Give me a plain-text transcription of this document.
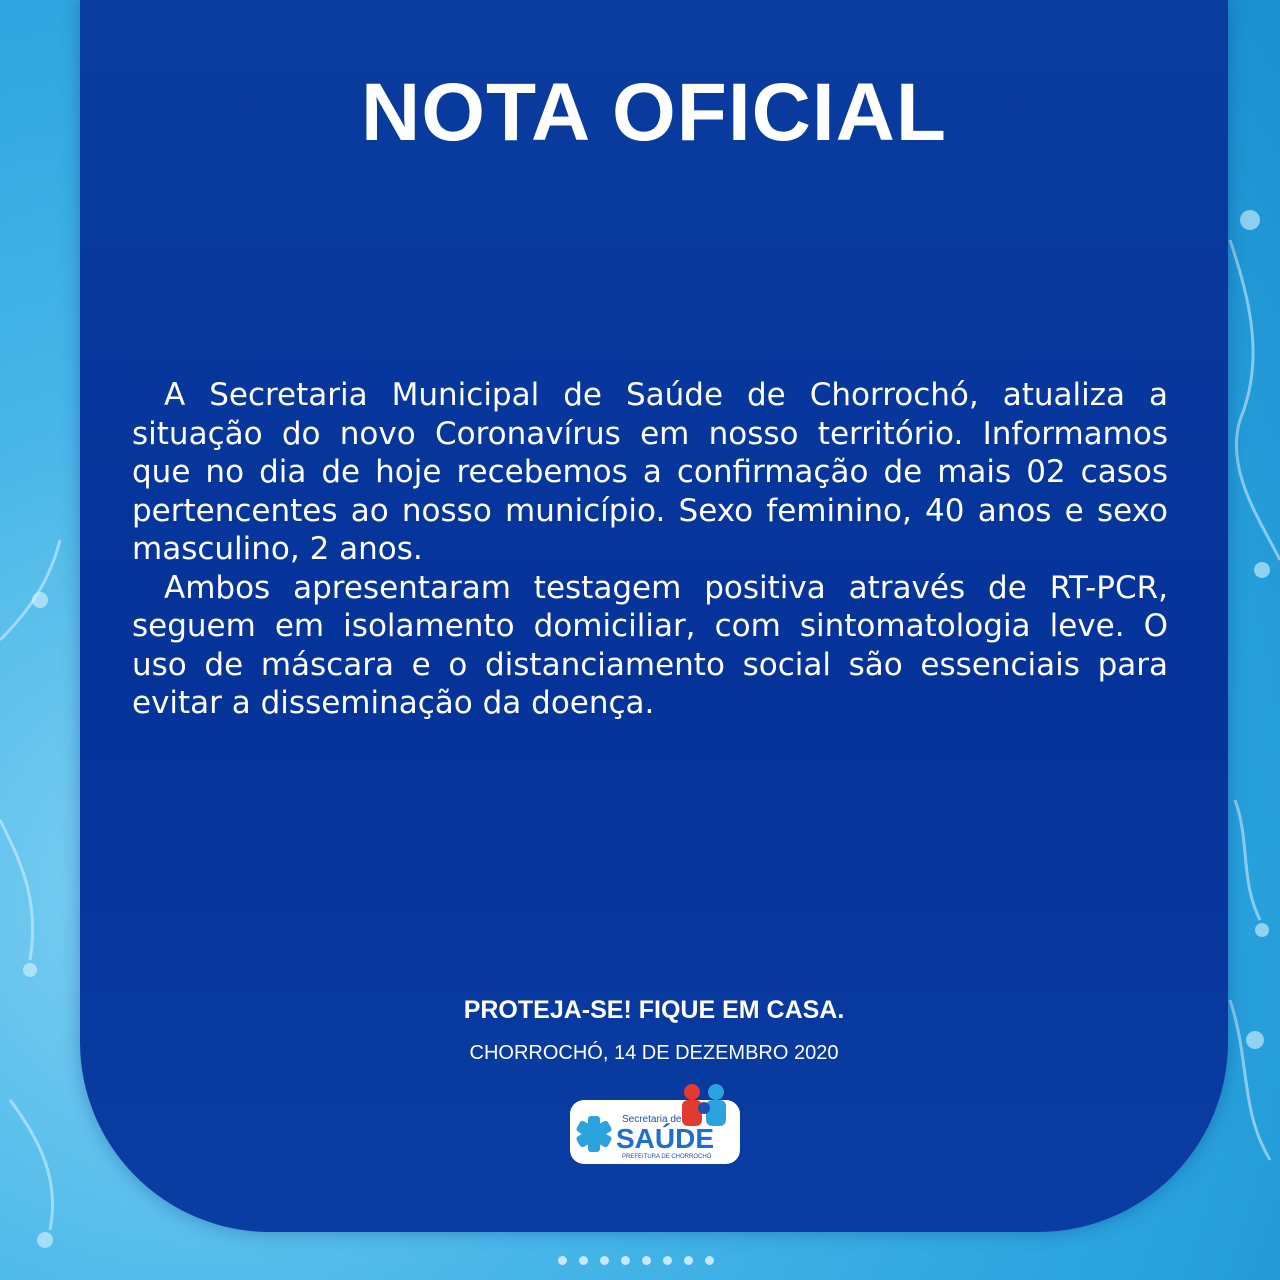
NOTA OFICIAL

A Secretaria Municipal de Saúde de Chorrochó, atualiza a situação do novo Coronavírus em nosso território. Informamos que no dia de hoje recebemos a confirmação de mais 02 casos pertencentes ao nosso município. Sexo feminino, 40 anos e sexo masculino, 2 anos.

Ambos apresentaram testagem positiva através de RT-PCR, seguem em isolamento domiciliar, com sintomatologia leve. O uso de máscara e o distanciamento social são essenciais para evitar a disseminação da doença.

PROTEJA-SE! FIQUE EM CASA.
CHORROCHÓ, 14 DE DEZEMBRO 2020
Secretaria de
SAÚDE
PREFEITURA DE CHORROCHÓ
